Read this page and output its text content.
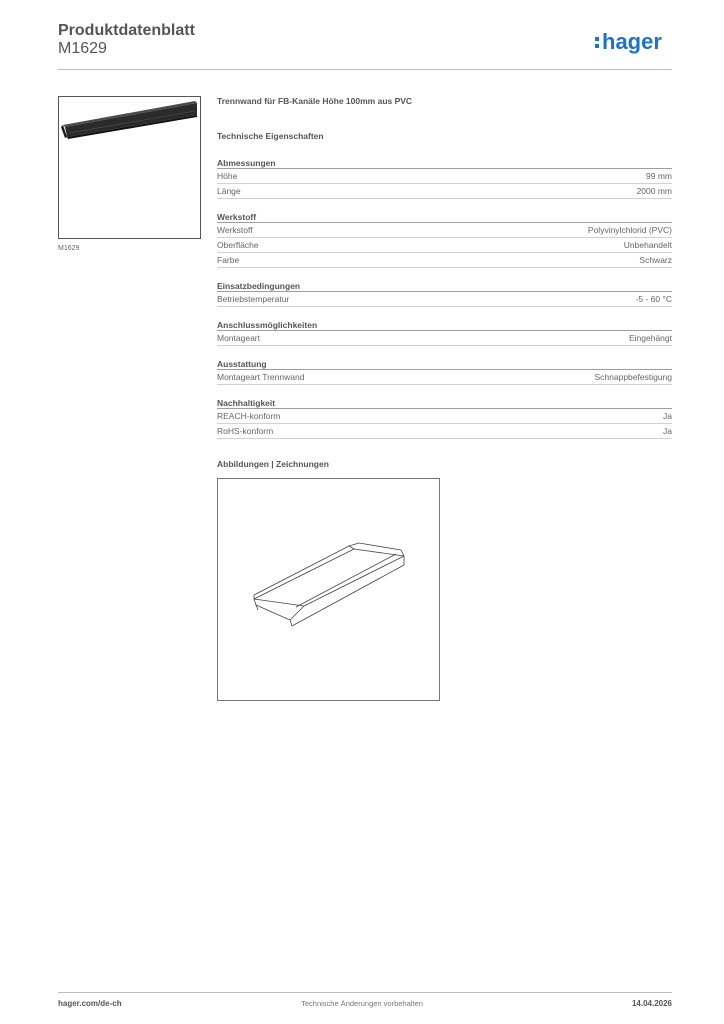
Produktdatenblatt
M1629	hager
M1629
Trennwand für FB-Kanäle Höhe 100mm aus PVC
Technische Eigenschaften
Abmessungen
Höhe	99 mm
Länge	2000 mm
Werkstoff
Werkstoff	Polyvinylchlorid (PVC)
Oberfläche	Unbehandelt
Farbe	Schwarz
Einsatzbedingungen
Betriebstemperatur	-5 - 60 °C
Anschlussmöglichkeiten
Montageart	Eingehängt
Ausstattung
Montageart Trennwand	Schnappbefestigung
Nachhaltigkeit
REACH-konform	Ja
RoHS-konform	Ja
Abbildungen | Zeichnungen
hager.com/de-ch	Technische Änderungen vorbehalten	14.04.2026
